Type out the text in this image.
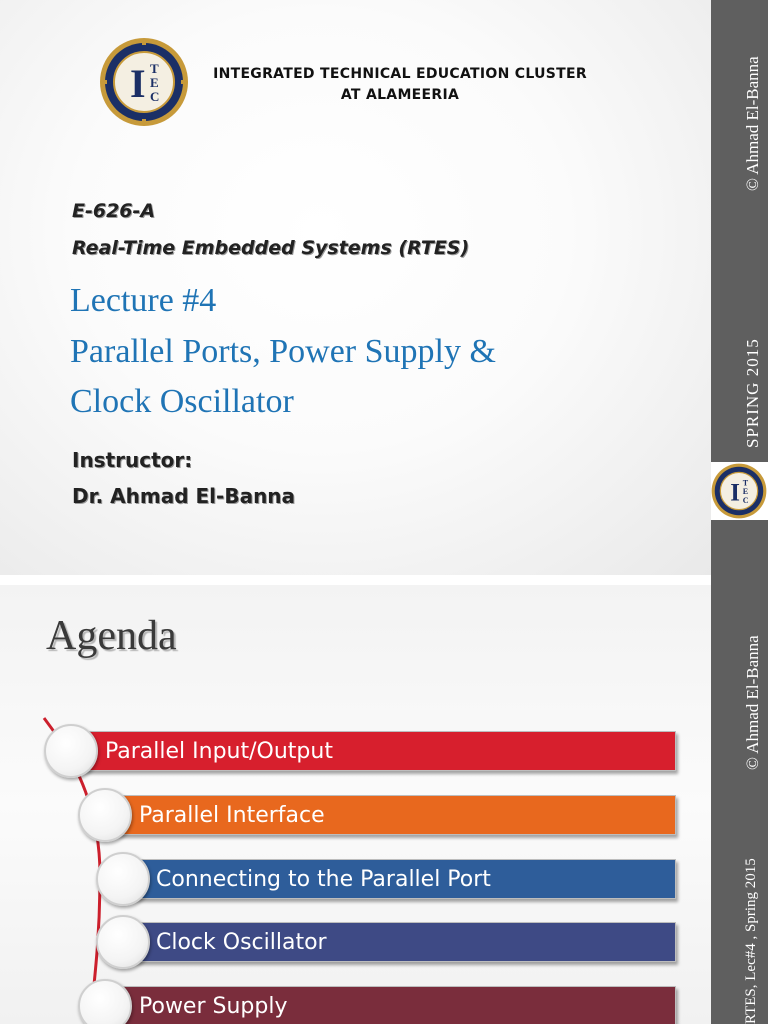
I T
E
C
INTEGRATED TECHNICAL EDUCATION CLUSTER
AT ALAMEERIA
E-626-A
Real-Time Embedded Systems (RTES)
Lecture #4
Parallel Ports, Power Supply &
Clock Oscillator
Instructor:
Dr. Ahmad El-Banna
© Ahmad El-Banna
SPRING 2015
I T
E
C
Agenda
Parallel Input/Output
Parallel Interface
Connecting to the Parallel Port
Clock Oscillator
Power Supply
© Ahmad El-Banna
RTES, Lec#4 , Spring 2015
